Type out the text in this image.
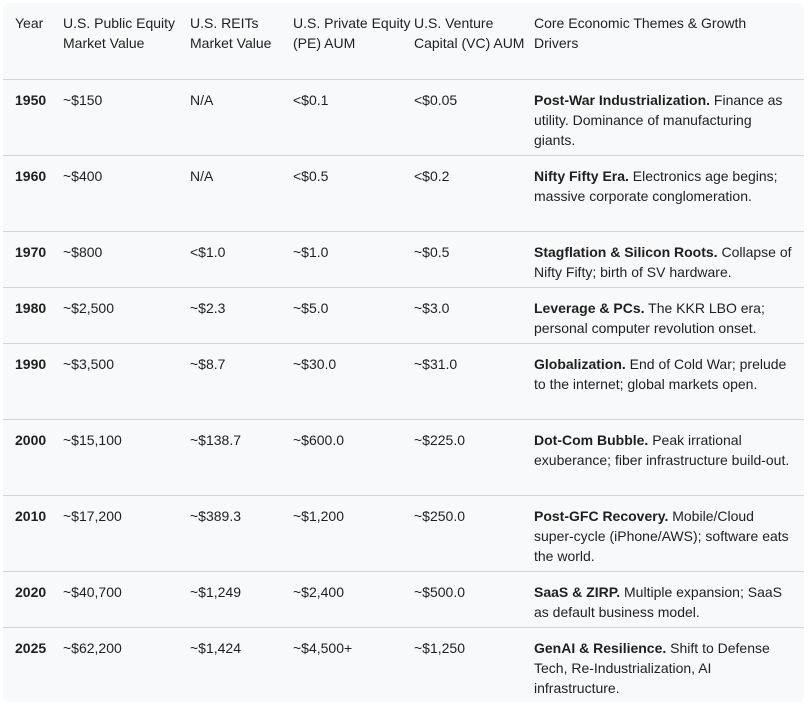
Year	U.S. Public Equity Market Value	U.S. REITs Market Value	U.S. Private Equity (PE) AUM	U.S. Venture Capital (VC) AUM	Core Economic Themes & Growth Drivers
1950	~$150	N/A	<$0.1	<$0.05	Post-War Industrialization. Finance as utility. Dominance of manufacturing giants.
1960	~$400	N/A	<$0.5	<$0.2	Nifty Fifty Era. Electronics age begins; massive corporate conglomeration.
1970	~$800	<$1.0	~$1.0	~$0.5	Stagflation & Silicon Roots. Collapse of Nifty Fifty; birth of SV hardware.
1980	~$2,500	~$2.3	~$5.0	~$3.0	Leverage & PCs. The KKR LBO era; personal computer revolution onset.
1990	~$3,500	~$8.7	~$30.0	~$31.0	Globalization. End of Cold War; prelude to the internet; global markets open.
2000	~$15,100	~$138.7	~$600.0	~$225.0	Dot-Com Bubble. Peak irrational exuberance; fiber infrastructure build-out.
2010	~$17,200	~$389.3	~$1,200	~$250.0	Post-GFC Recovery. Mobile/Cloud super-cycle (iPhone/AWS); software eats the world.
2020	~$40,700	~$1,249	~$2,400	~$500.0	SaaS & ZIRP. Multiple expansion; SaaS as default business model.
2025	~$62,200	~$1,424	~$4,500+	~$1,250	GenAI & Resilience. Shift to Defense Tech, Re-Industrialization, AI infrastructure.
